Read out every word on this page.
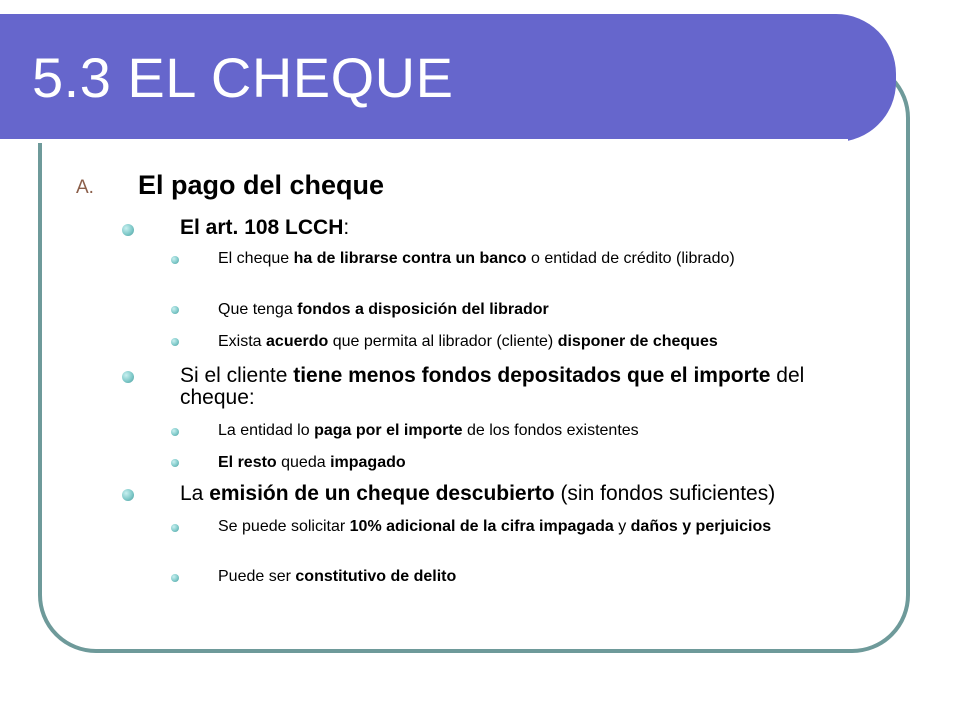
5.3 EL CHEQUE
A. El pago del cheque
El art. 108 LCCH:
El cheque ha de librarse contra un banco o entidad de crédito (librado)
Que tenga fondos a disposición del librador
Exista acuerdo que permita al librador (cliente) disponer de cheques
Si el cliente tiene menos fondos depositados que el importe del cheque:
La entidad lo paga por el importe de los fondos existentes
El resto queda impagado
La emisión de un cheque descubierto (sin fondos suficientes)
Se puede solicitar 10% adicional de la cifra impagada y daños y perjuicios
Puede ser constitutivo de delito
